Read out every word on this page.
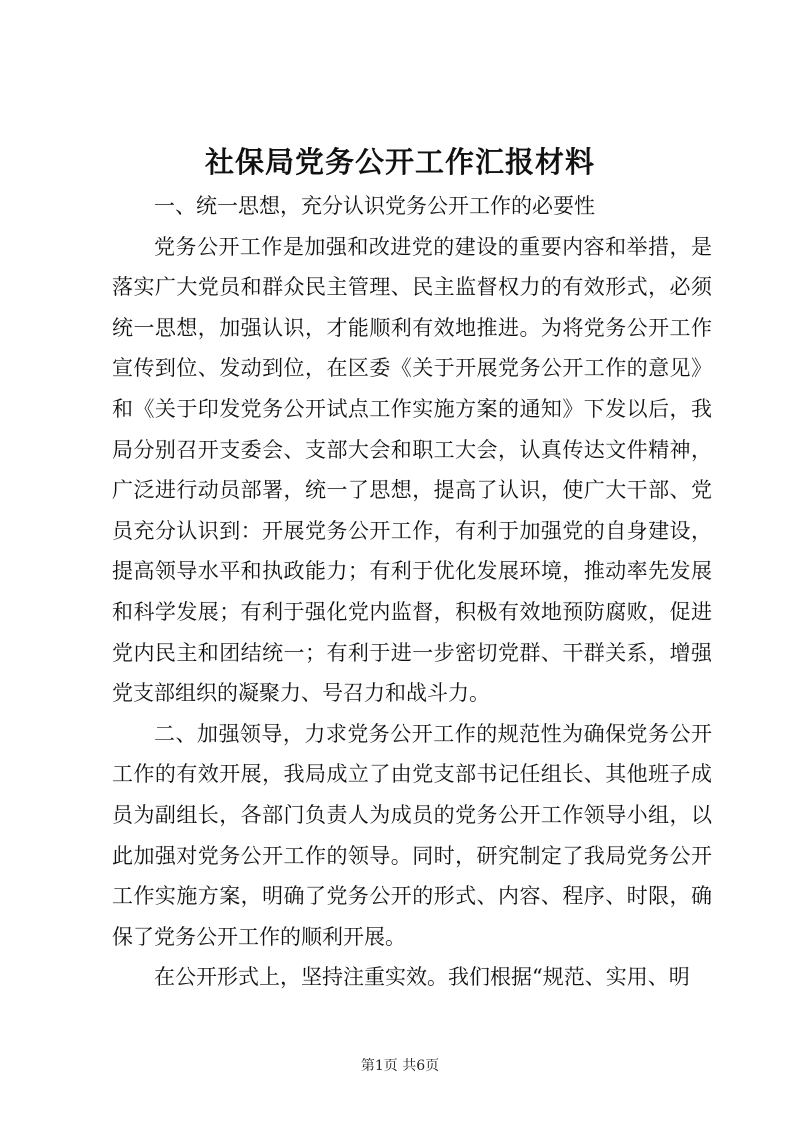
社保局党务公开工作汇报材料

一、统一思想，充分认识党务公开工作的必要性

党务公开工作是加强和改进党的建设的重要内容和举措，是落实广大党员和群众民主管理、民主监督权力的有效形式，必须统一思想，加强认识，才能顺利有效地推进。为将党务公开工作宣传到位、发动到位，在区委《关于开展党务公开工作的意见》和《关于印发党务公开试点工作实施方案的通知》下发以后，我局分别召开支委会、支部大会和职工大会，认真传达文件精神，广泛进行动员部署，统一了思想，提高了认识，使广大干部、党员充分认识到：开展党务公开工作，有利于加强党的自身建设，提高领导水平和执政能力；有利于优化发展环境，推动率先发展和科学发展；有利于强化党内监督，积极有效地预防腐败，促进党内民主和团结统一；有利于进一步密切党群、干群关系，增强党支部组织的凝聚力、号召力和战斗力。

二、加强领导，力求党务公开工作的规范性为确保党务公开工作的有效开展，我局成立了由党支部书记任组长、其他班子成员为副组长，各部门负责人为成员的党务公开工作领导小组，以此加强对党务公开工作的领导。同时，研究制定了我局党务公开工作实施方案，明确了党务公开的形式、内容、程序、时限，确保了党务公开工作的顺利开展。

在公开形式上，坚持注重实效。我们根据“规范、实用、明

第1页 共6页
